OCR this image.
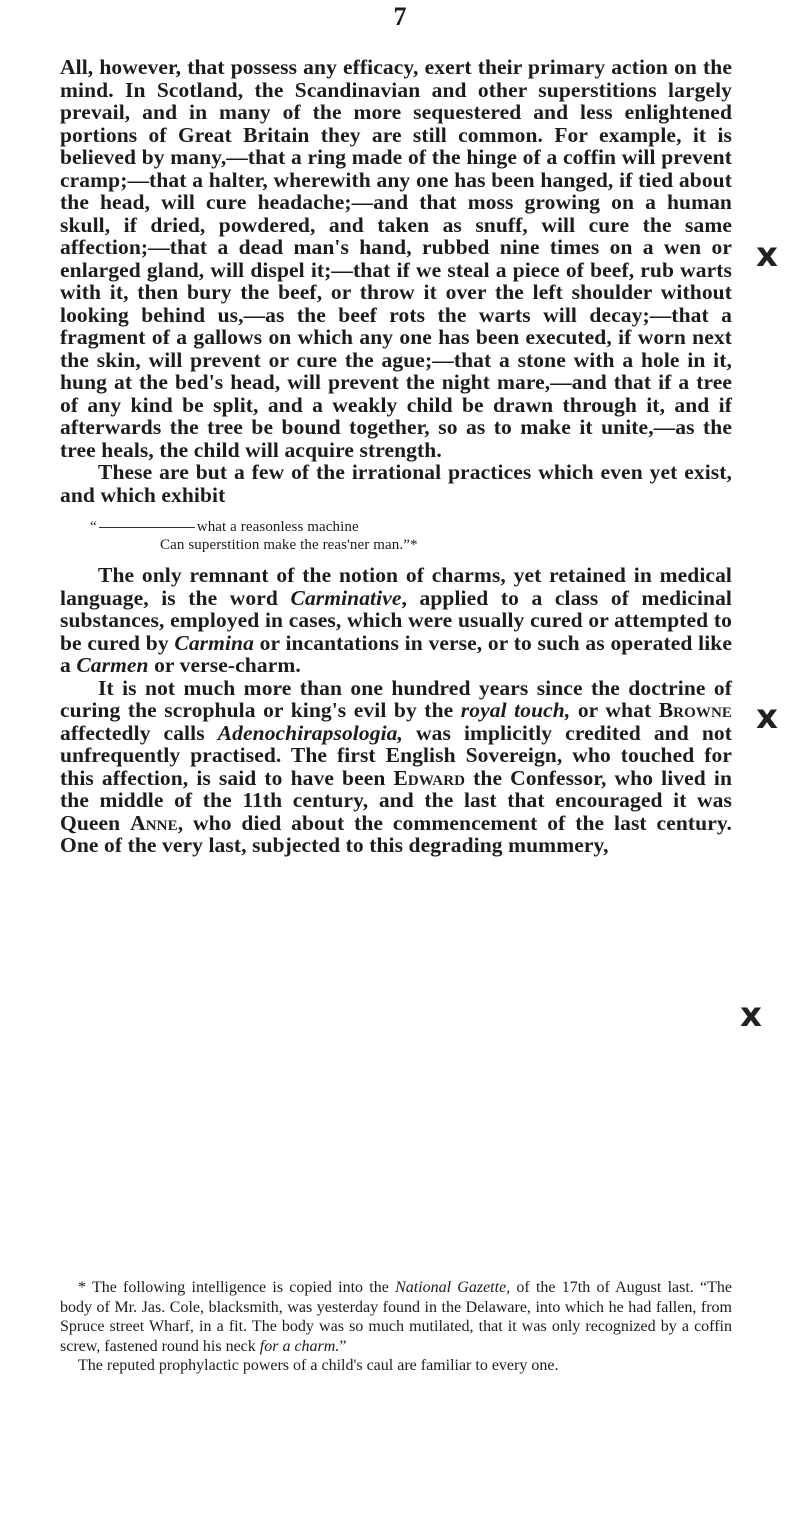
7

All, however, that possess any efficacy, exert their primary action on the mind. In Scotland, the Scandinavian and other superstitions largely prevail, and in many of the more sequestered and less enlightened portions of Great Britain they are still common. For example, it is believed by many,—that a ring made of the hinge of a coffin will prevent cramp;—that a halter, wherewith any one has been hanged, if tied about the head, will cure headache;—and that moss growing on a human skull, if dried, powdered, and taken as snuff, will cure the same affection;—that a dead man's hand, rubbed nine times on a wen or enlarged gland, will dispel it;—that if we steal a piece of beef, rub warts with it, then bury the beef, or throw it over the left shoulder without looking behind us,—as the beef rots the warts will decay;—that a fragment of a gallows on which any one has been executed, if worn next the skin, will prevent or cure the ague;—that a stone with a hole in it, hung at the bed's head, will prevent the night mare,—and that if a tree of any kind be split, and a weakly child be drawn through it, and if afterwards the tree be bound together, so as to make it unite,—as the tree heals, the child will acquire strength.

These are but a few of the irrational practices which even yet exist, and which exhibit

“	what a reasonless machine
Can superstition make the reas'ner man.”*

The only remnant of the notion of charms, yet retained in medical language, is the word Carminative, applied to a class of medicinal substances, employed in cases, which were usually cured or attempted to be cured by Carmina or incantations in verse, or to such as operated like a Carmen or verse-charm.

It is not much more than one hundred years since the doctrine of curing the scrophula or king's evil by the royal touch, or what Browne affectedly calls Adenochirapsologia, was implicitly credited and not unfrequently practised. The first English Sovereign, who touched for this affection, is said to have been Edward the Confessor, who lived in the middle of the 11th century, and the last that encouraged it was Queen Anne, who died about the commencement of the last century. One of the very last, subjected to this degrading mummery,

* The following intelligence is copied into the National Gazette, of the 17th of August last. “The body of Mr. Jas. Cole, blacksmith, was yesterday found in the Delaware, into which he had fallen, from Spruce street Wharf, in a fit. The body was so much mutilated, that it was only recognized by a coffin screw, fastened round his neck for a charm.”

The reputed prophylactic powers of a child's caul are familiar to every one.

x
x
x
